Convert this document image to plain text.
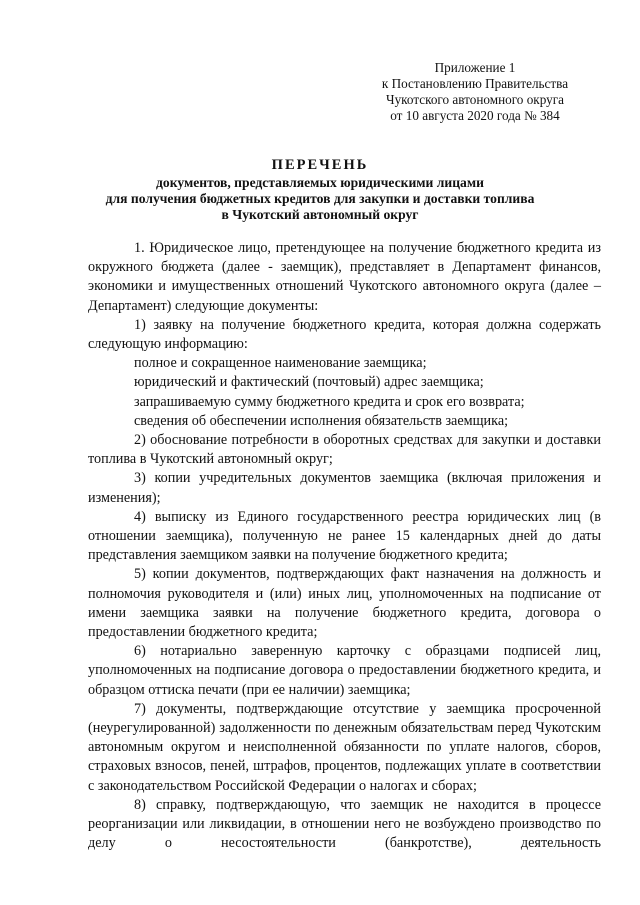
Приложение 1
к Постановлению Правительства
Чукотского автономного округа
от 10 августа 2020 года № 384
ПЕРЕЧЕНЬ
документов, представляемых юридическими лицами
для получения бюджетных кредитов для закупки и доставки топлива
в Чукотский автономный округ

1. Юридическое лицо, претендующее на получение бюджетного кредита из окружного бюджета (далее - заемщик), представляет в Департамент финансов, экономики и имущественных отношений Чукотского автономного округа (далее – Департамент) следующие документы:

1) заявку на получение бюджетного кредита, которая должна содержать следующую информацию:

полное и сокращенное наименование заемщика;

юридический и фактический (почтовый) адрес заемщика;

запрашиваемую сумму бюджетного кредита и срок его возврата;

сведения об обеспечении исполнения обязательств заемщика;

2) обоснование потребности в оборотных средствах для закупки и доставки топлива в Чукотский автономный округ;

3) копии учредительных документов заемщика (включая приложения и изменения);

4) выписку из Единого государственного реестра юридических лиц (в отношении заемщика), полученную не ранее 15 календарных дней до даты представления заемщиком заявки на получение бюджетного кредита;

5) копии документов, подтверждающих факт назначения на должность и полномочия руководителя и (или) иных лиц, уполномоченных на подписание от имени заемщика заявки на получение бюджетного кредита, договора о предоставлении бюджетного кредита;

6) нотариально заверенную карточку с образцами подписей лиц, уполномоченных на подписание договора о предоставлении бюджетного кредита, и образцом оттиска печати (при ее наличии) заемщика;

7) документы, подтверждающие отсутствие у заемщика просроченной (неурегулированной) задолженности по денежным обязательствам перед Чукотским автономным округом и неисполненной обязанности по уплате налогов, сборов, страховых взносов, пеней, штрафов, процентов, подлежащих уплате в соответствии с законодательством Российской Федерации о налогах и сборах;

8) справку, подтверждающую, что заемщик не находится в процессе реорганизации или ликвидации, в отношении него не возбуждено производство по делу о несостоятельности (банкротстве), деятельность
